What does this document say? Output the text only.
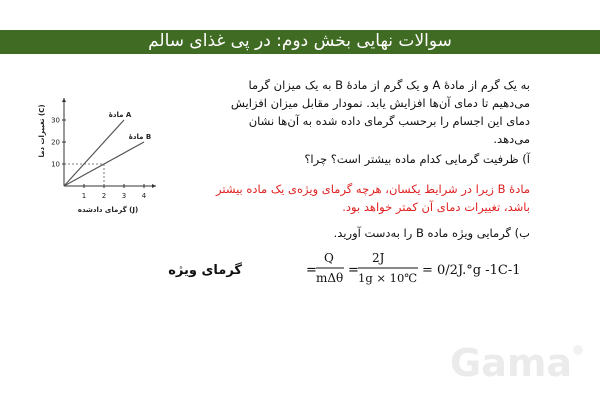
سوالات نهایی بخش دوم: در پی غذای سالم
1 2 3 4
10
20
30
مادهٔ A
مادهٔ B
گرمای دادشده (J)
تغییرات دما (C)
به یک گرم از مادهٔ A و یک گرم از مادهٔ B به یک میزان گرما می‌دهیم تا دمای آن‌ها افزایش یابد. نمودار مقابل میزان افزایش دمای این اجسام را برحسب گرمای داده شده به آن‌ها نشان می‌دهد.
آ) ظرفیت گرمایی کدام ماده بیشتر است؟ چرا؟
مادهٔ B زیرا در شرایط یکسان، هرچه گرمای ویژه‌ی یک ماده بیشتر باشد، تغییرات دمای آن کمتر خواهد بود.
ب) گرمایی ویژه ماده B را به‌دست آورید.
گرمای ویژه	=
Q
mΔθ =
2J
1g × 10℃ = 0/2J.°g -1C-1
Gama
